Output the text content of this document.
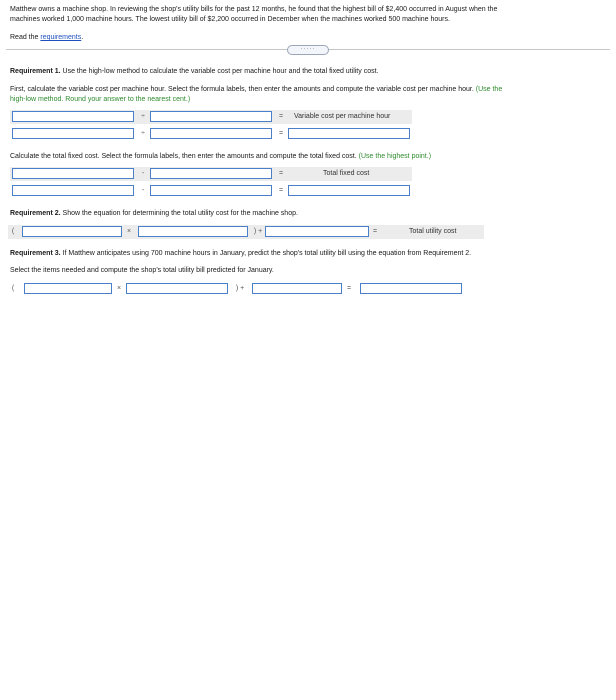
Matthew owns a machine shop. In reviewing the shop's utility bills for the past 12 months, he found that the highest bill of $2,400 occurred in August when the
machines worked 1,000 machine hours. The lowest utility bill of $2,200 occurred in December when the machines worked 500 machine hours.
Read the requirements.
·····
Requirement 1. Use the high-low method to calculate the variable cost per machine hour and the total fixed utility cost.
First, calculate the variable cost per machine hour. Select the formula labels, then enter the amounts and compute the variable cost per machine hour. (Use the
high-low method. Round your answer to the nearest cent.)
÷	=	Variable cost per machine hour
÷	=
Calculate the total fixed cost. Select the formula labels, then enter the amounts and compute the total fixed cost. (Use the highest point.)
-	=	Total fixed cost
-	=
Requirement 2. Show the equation for determining the total utility cost for the machine shop.
(	×	) +	=	Total utility cost
Requirement 3. If Matthew anticipates using 700 machine hours in January, predict the shop's total utility bill using the equation from Requirement 2.
Select the items needed and compute the shop's total utility bill predicted for January.
(	×	) +	=
